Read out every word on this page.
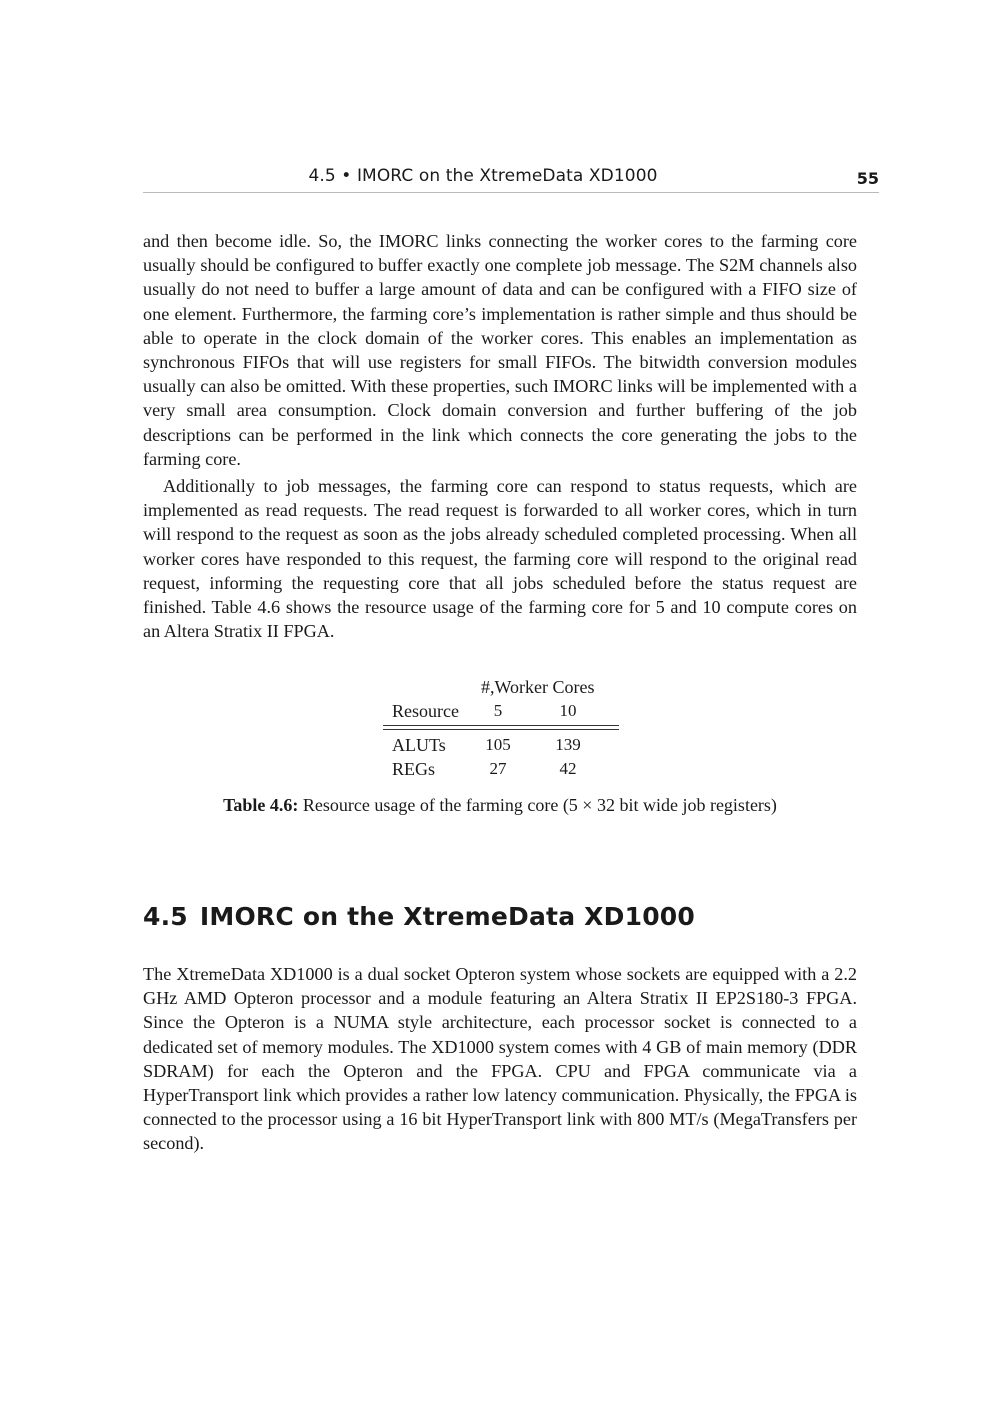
4.5 • IMORC on the XtremeData XD1000	55

and then become idle. So, the IMORC links connecting the worker cores to the farming core usually should be configured to buffer exactly one complete job message. The S2M channels also usually do not need to buffer a large amount of data and can be configured with a FIFO size of one element. Furthermore, the farming core’s implementation is rather simple and thus should be able to operate in the clock domain of the worker cores. This enables an implementation as synchronous FIFOs that will use registers for small FIFOs. The bitwidth conversion modules usually can also be omitted. With these properties, such IMORC links will be implemented with a very small area consumption. Clock domain conversion and further buffering of the job descriptions can be performed in the link which connects the core generating the jobs to the farming core.

Additionally to job messages, the farming core can respond to status requests, which are implemented as read requests. The read request is forwarded to all worker cores, which in turn will respond to the request as soon as the jobs already scheduled completed processing. When all worker cores have responded to this request, the farming core will respond to the original read request, informing the requesting core that all jobs scheduled before the status request are finished. Table 4.6 shows the resource usage of the farming core for 5 and 10 compute cores on an Altera Stratix II FPGA.

#,Worker Cores
Resource	5	10
ALUTs	105	139
REGs	27	42
Table 4.6: Resource usage of the farming core (5 × 32 bit wide job registers)
4.5 IMORC on the XtremeData XD1000

The XtremeData XD1000 is a dual socket Opteron system whose sockets are equipped with a 2.2 GHz AMD Opteron processor and a module featuring an Altera Stratix II EP2S180-3 FPGA. Since the Opteron is a NUMA style architecture, each processor socket is connected to a dedicated set of memory modules. The XD1000 system comes with 4 GB of main memory (DDR SDRAM) for each the Opteron and the FPGA. CPU and FPGA communicate via a HyperTransport link which provides a rather low latency communication. Physically, the FPGA is connected to the processor using a 16 bit HyperTransport link with 800 MT/s (MegaTransfers per second).
